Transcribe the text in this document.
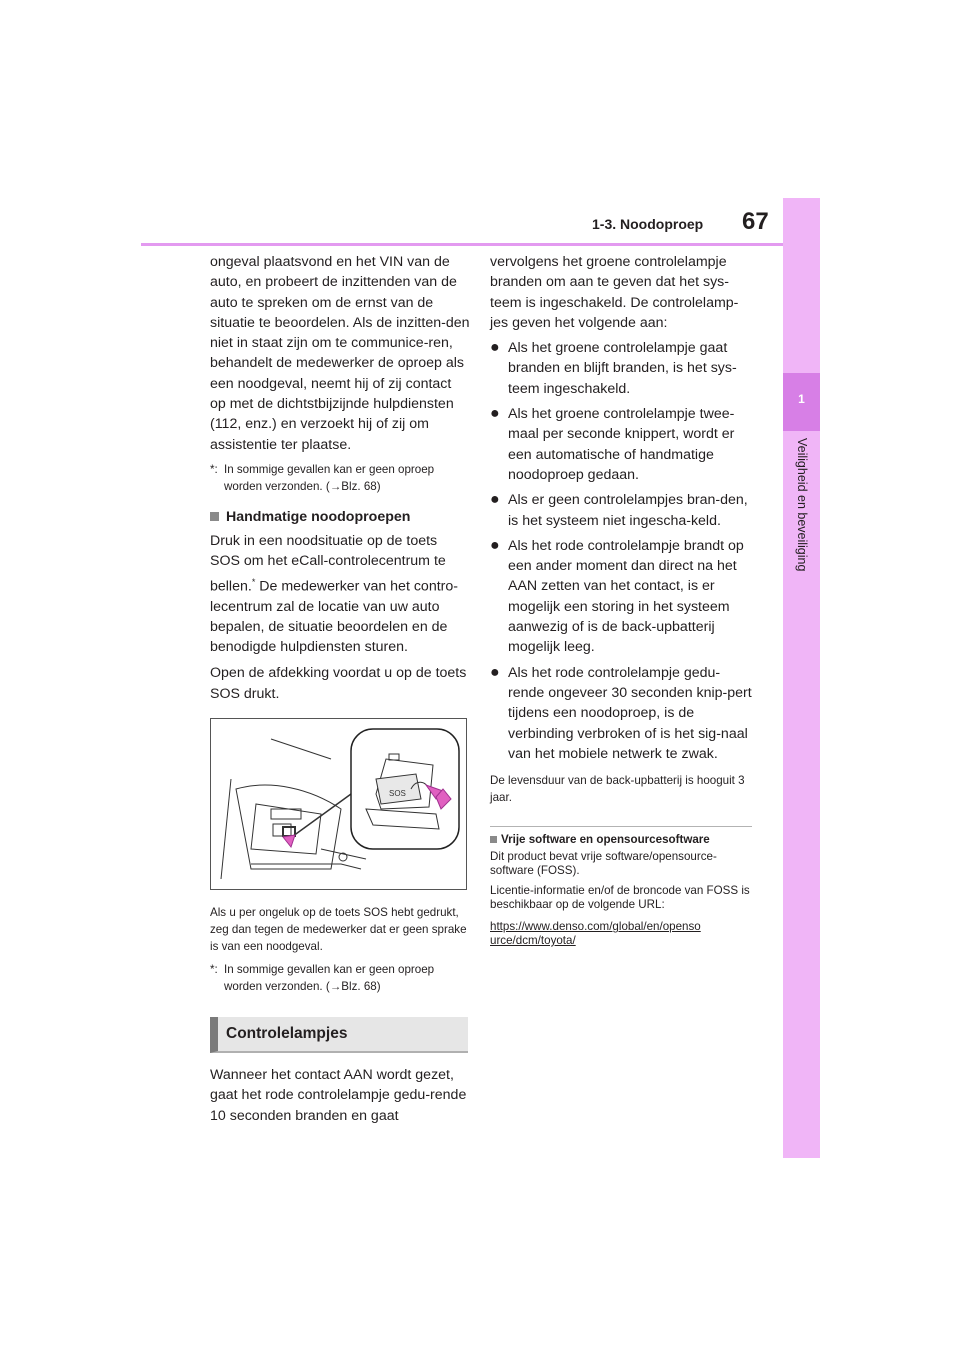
1-3. Noodoproep 67
1
Veiligheid en beveiliging

ongeval plaatsvond en het VIN van de auto, en probeert de inzittenden van de auto te spreken om de ernst van de situatie te beoordelen. Als de inzitten-den niet in staat zijn om te communice-ren, behandelt de medewerker de oproep als een noodgeval, neemt hij of zij contact op met de dichtstbijzijnde hulpdiensten (112, enz.) en verzoekt hij of zij om assistentie ter plaatse.

*: In sommige gevallen kan er geen oproep worden verzonden. (→Blz. 68)
Handmatige noodoproepen

Druk in een noodsituatie op de toets SOS om het eCall-controlecentrum te bellen.* De medewerker van het contro-lecentrum zal de locatie van uw auto bepalen, de situatie beoordelen en de benodigde hulpdiensten sturen.

Open de afdekking voordat u op de toets SOS drukt.

SOS

Als u per ongeluk op de toets SOS hebt gedrukt, zeg dan tegen de medewerker dat er geen sprake is van een noodgeval.

*: In sommige gevallen kan er geen oproep worden verzonden. (→Blz. 68)
Controlelampjes

Wanneer het contact AAN wordt gezet, gaat het rode controlelampje gedu-rende 10 seconden branden en gaat

vervolgens het groene controlelampje branden om aan te geven dat het sys-teem is ingeschakeld. De controlelamp-jes geven het volgende aan:

● Als het groene controlelampje gaat branden en blijft branden, is het sys-teem ingeschakeld.
● Als het groene controlelampje twee-maal per seconde knippert, wordt er een automatische of handmatige noodoproep gedaan.
● Als er geen controlelampjes bran-den, is het systeem niet ingescha-keld.
● Als het rode controlelampje brandt op een ander moment dan direct na het AAN zetten van het contact, is er mogelijk een storing in het systeem aanwezig of is de back-upbatterij mogelijk leeg.
● Als het rode controlelampje gedu-rende ongeveer 30 seconden knip-pert tijdens een noodoproep, is de verbinding verbroken of is het sig-naal van het mobiele netwerk te zwak.

De levensduur van de back-upbatterij is hooguit 3 jaar.

Vrije software en opensourcesoftware

Dit product bevat vrije software/opensource-software (FOSS).

Licentie-informatie en/of de broncode van FOSS is beschikbaar op de volgende URL:

https://www.denso.com/global/en/opensource/dcm/toyota/
